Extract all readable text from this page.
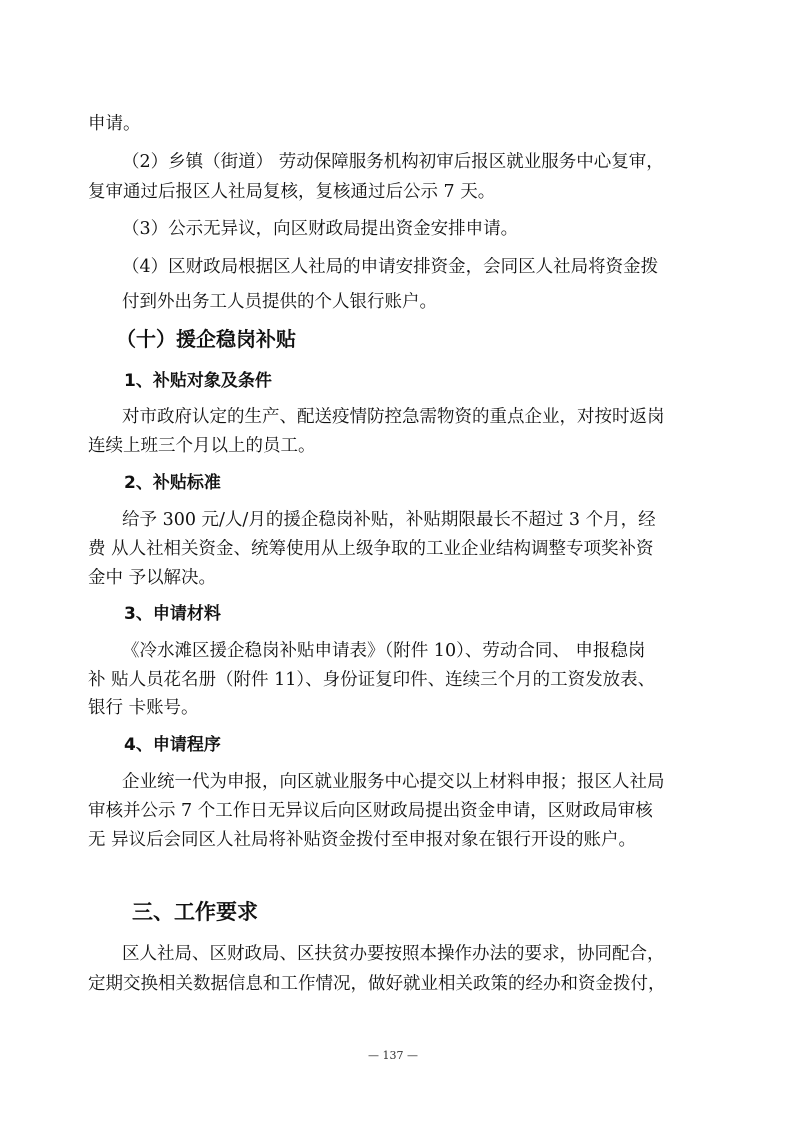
申请。
（2）乡镇（街道） 劳动保障服务机构初审后报区就业服务中心复审，
复审通过后报区人社局复核，复核通过后公示 7 天。
（3）公示无异议，向区财政局提出资金安排申请。
（4）区财政局根据区人社局的申请安排资金，会同区人社局将资金拨
付到外出务工人员提供的个人银行账户。
（十）援企稳岗补贴
1、补贴对象及条件
对市政府认定的生产、配送疫情防控急需物资的重点企业，对按时返岗
连续上班三个月以上的员工。
2、补贴标准
给予 300 元/人/月的援企稳岗补贴，补贴期限最长不超过 3 个月，经
费 从人社相关资金、统筹使用从上级争取的工业企业结构调整专项奖补资
金中 予以解决。
3、申请材料
《冷水滩区援企稳岗补贴申请表》（附件 10）、劳动合同、 申报稳岗
补 贴人员花名册（附件 11）、身份证复印件、连续三个月的工资发放表、
银行 卡账号。
4、申请程序
企业统一代为申报，向区就业服务中心提交以上材料申报；报区人社局
审核并公示 7 个工作日无异议后向区财政局提出资金申请，区财政局审核
无 异议后会同区人社局将补贴资金拨付至申报对象在银行开设的账户。
三、工作要求
区人社局、区财政局、区扶贫办要按照本操作办法的要求，协同配合，
定期交换相关数据信息和工作情况，做好就业相关政策的经办和资金拨付，
— 137 —
